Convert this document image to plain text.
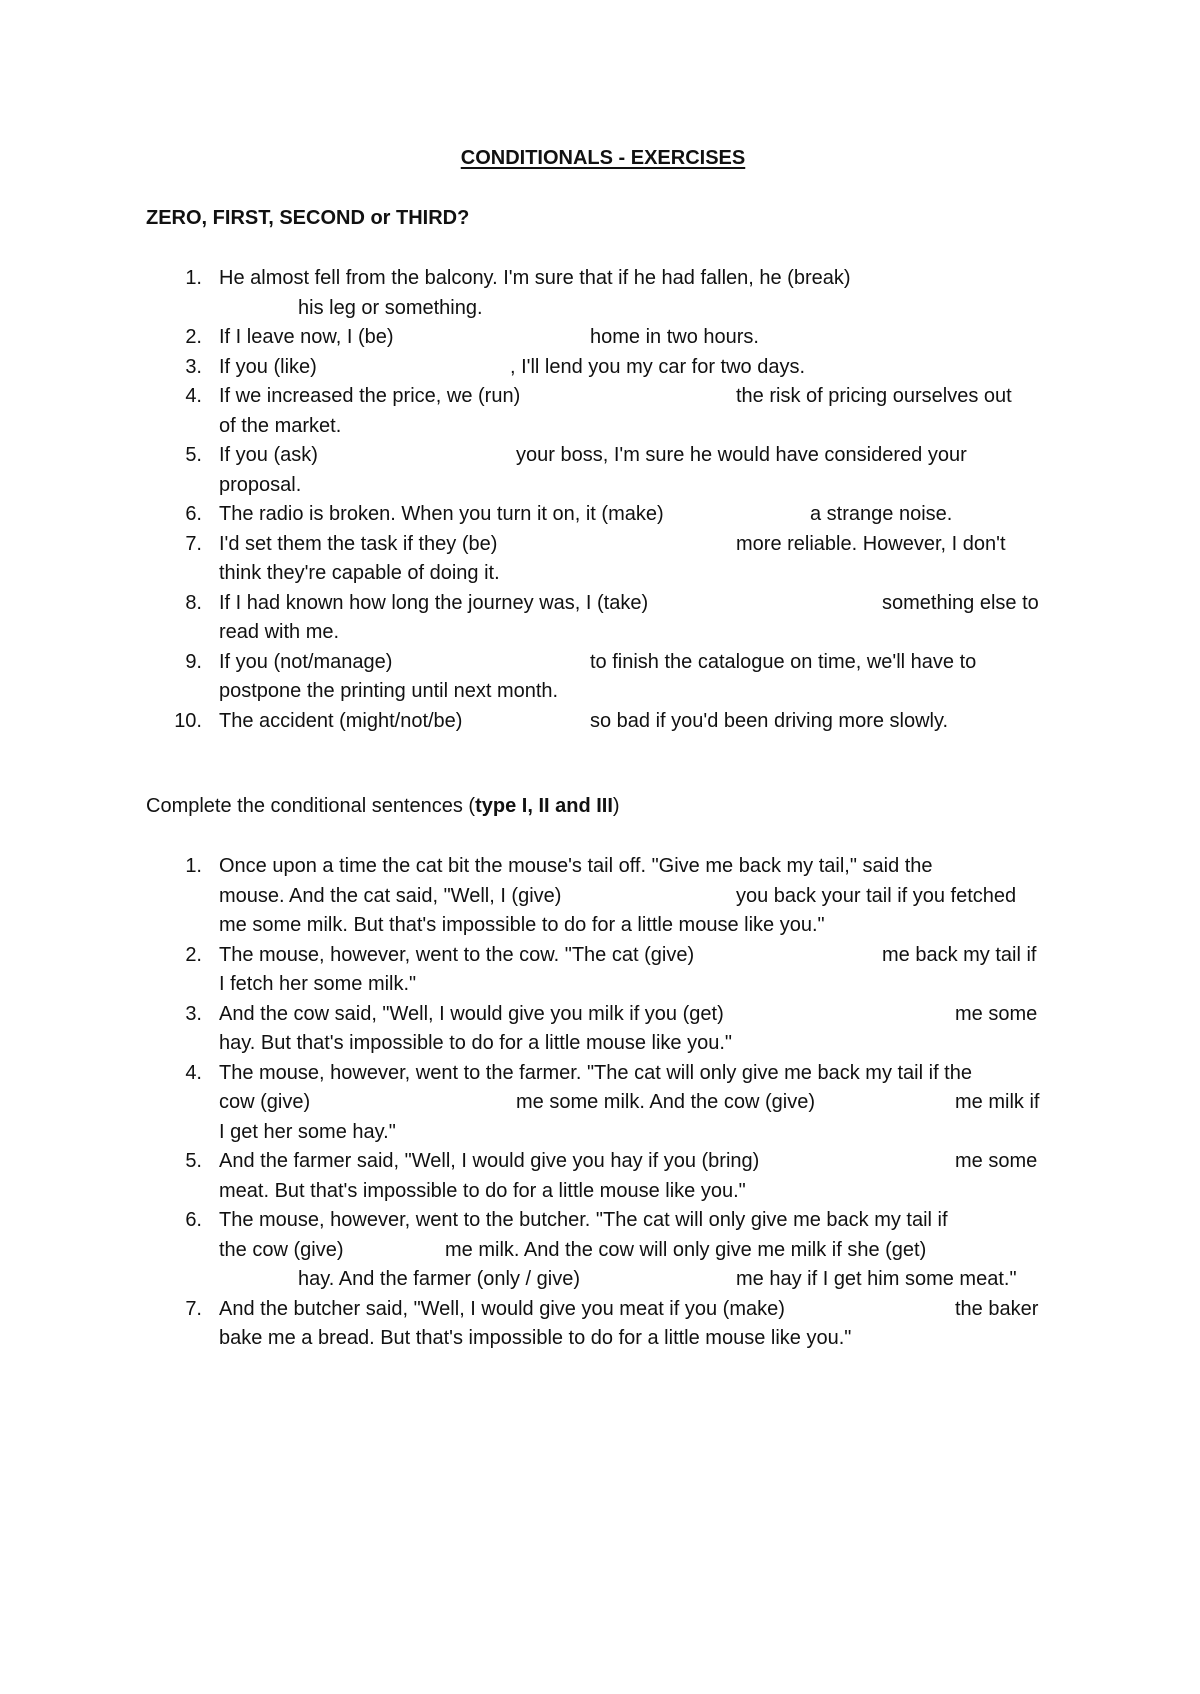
CONDITIONALS - EXERCISES
ZERO, FIRST, SECOND or THIRD?
1. He almost fell from the balcony. I'm sure that if he had fallen, he (break)
his leg or something.
2. If I leave now, I (be)	home in two hours.
3. If you (like)	, I'll lend you my car for two days.
4. If we increased the price, we (run)	the risk of pricing ourselves out
of the market.
5. If you (ask)	your boss, I'm sure he would have considered your
proposal.
6. The radio is broken. When you turn it on, it (make)	a strange noise.
7. I'd set them the task if they (be)	more reliable. However, I don't
think they're capable of doing it.
8. If I had known how long the journey was, I (take)	something else to
read with me.
9. If you (not/manage)	to finish the catalogue on time, we'll have to
postpone the printing until next month.
10. The accident (might/not/be)	so bad if you'd been driving more slowly.
Complete the conditional sentences (type I, II and III)
1. Once upon a time the cat bit the mouse's tail off. "Give me back my tail," said the
mouse. And the cat said, "Well, I (give)	you back your tail if you fetched
me some milk. But that's impossible to do for a little mouse like you."
2. The mouse, however, went to the cow. "The cat (give)	me back my tail if
I fetch her some milk."
3. And the cow said, "Well, I would give you milk if you (get)	me some
hay. But that's impossible to do for a little mouse like you."
4. The mouse, however, went to the farmer. "The cat will only give me back my tail if the
cow (give)	me some milk. And the cow (give)	me milk if
I get her some hay."
5. And the farmer said, "Well, I would give you hay if you (bring)	me some
meat. But that's impossible to do for a little mouse like you."
6. The mouse, however, went to the butcher. "The cat will only give me back my tail if
the cow (give)	me milk. And the cow will only give me milk if she (get)
hay. And the farmer (only / give)	me hay if I get him some meat."
7. And the butcher said, "Well, I would give you meat if you (make)	the baker
bake me a bread. But that's impossible to do for a little mouse like you."
